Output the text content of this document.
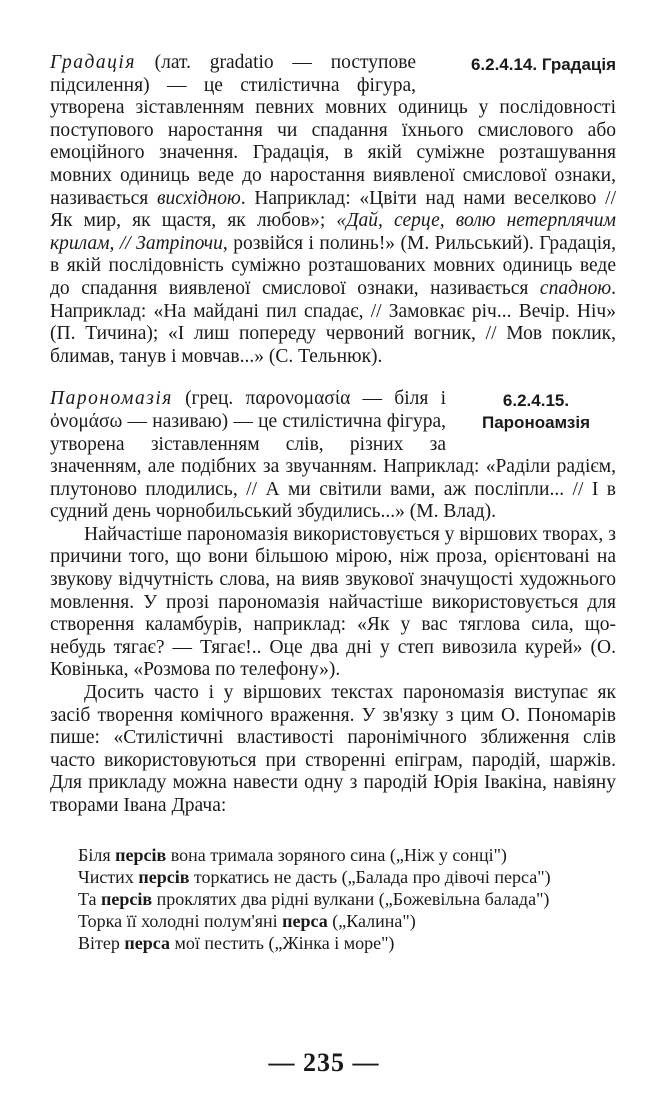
6.2.4.14. Градація

Градація (лат. gradatio — поступове підсилення) — це стилістична фігура, утворена зіставленням певних мовних одиниць у послідовності поступового наростання чи спадання їхнього смислового або емоційного значення. Градація, в якій суміжне розташування мовних одиниць веде до наростання виявленої смислової ознаки, називається висхідною. Наприклад: «Цвіти над нами веселково // Як мир, як щастя, як любов»; «Дай, серце, волю нетерплячим крилам, // Затріпочи, розвійся і полинь!» (М. Рильський). Градація, в якій послідовність суміжно розташованих мовних одиниць веде до спадання виявленої смислової ознаки, називається спадною. Наприклад: «На майдані пил спадає, // Замовкає річ... Вечір. Ніч» (П. Тичина); «І лиш попереду червоний вогник, // Мов поклик, блимав, танув і мовчав...» (С. Тельнюк).

6.2.4.15.
Пароноамзія

Парономазія (грец. παρονομασία — біля і ὀνομάσω — називаю) — це стилістична фігура, утворена зіставленням слів, різних за значенням, але подібних за звучанням. Наприклад: «Раділи радієм, плутоново плодились, // А ми світили вами, аж посліпли... // І в судний день чорнобильський збудились...» (М. Влад).

Найчастіше парономазія використовується у віршових творах, з причини того, що вони більшою мірою, ніж проза, орієнтовані на звукову відчутність слова, на вияв звукової значущості художнього мовлення. У прозі парономазія найчастіше використовується для створення каламбурів, наприклад: «Як у вас тяглова сила, що-небудь тягає? — Тягає!.. Оце два дні у степ вивозила курей» (О. Ковінька, «Розмова по телефону»).

Досить часто і у віршових текстах парономазія виступає як засіб творення комічного враження. У зв'язку з цим О. Пономарів пише: «Стилістичні властивості паронімічного зближення слів часто використовуються при створенні епіграм, пародій, шаржів. Для прикладу можна навести одну з пародій Юрія Івакіна, навіяну творами Івана Драча:

Біля персів вона тримала зоряного сина („Ніж у сонці")
Чистих персів торкатись не дасть („Балада про дівочі перса")
Та персів проклятих два рідні вулкани („Божевільна балада")
Торка її холодні полум'яні перса („Калина")
Вітер перса мої пестить („Жінка і море")
— 235 —
